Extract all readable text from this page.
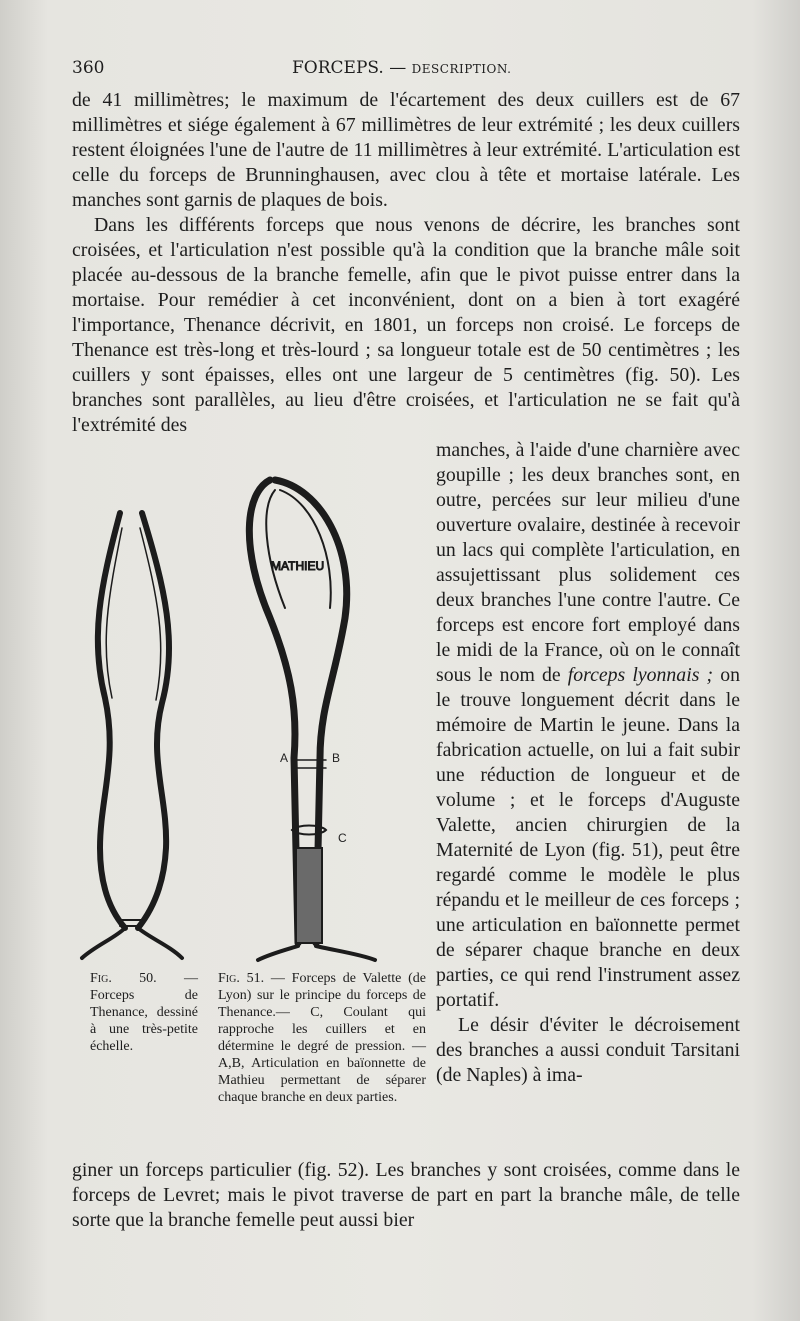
360	FORCEPS. — DESCRIPTION.

de 41 millimètres; le maximum de l'écartement des deux cuillers est de 67 millimètres et siége également à 67 millimètres de leur extrémité ; les deux cuillers restent éloignées l'une de l'autre de 11 millimètres à leur extrémité. L'articulation est celle du forceps de Brunninghausen, avec clou à tête et mortaise latérale. Les manches sont garnis de plaques de bois.

Dans les différents forceps que nous venons de décrire, les branches sont croisées, et l'articulation n'est possible qu'à la condition que la branche mâle soit placée au-dessous de la branche femelle, afin que le pivot puisse entrer dans la mortaise. Pour remédier à cet inconvénient, dont on a bien à tort exagéré l'importance, Thenance décrivit, en 1801, un forceps non croisé. Le forceps de Thenance est très-long et très-lourd ; sa longueur totale est de 50 centimètres ; les cuillers y sont épaisses, elles ont une largeur de 5 centimètres (fig. 50). Les branches sont parallèles, au lieu d'être croisées, et l'articulation ne se fait qu'à l'extrémité des

MATHIEU
A	B
C

manches, à l'aide d'une charnière avec goupille ; les deux branches sont, en outre, percées sur leur milieu d'une ouverture ovalaire, destinée à recevoir un lacs qui complète l'articulation, en assujettissant plus solidement ces deux branches l'une contre l'autre. Ce forceps est encore fort employé dans le midi de la France, où on le connaît sous le nom de forceps lyonnais ; on le trouve longuement décrit dans le mémoire de Martin le jeune. Dans la fabrication actuelle, on lui a fait subir une réduction de longueur et de volume ; et le forceps d'Auguste Valette, ancien chirurgien de la Maternité de Lyon (fig. 51), peut être regardé comme le modèle le plus répandu et le meilleur de ces forceps ; une articulation en baïonnette permet de séparer chaque branche en deux parties, ce qui rend l'instrument assez portatif.

Le désir d'éviter le décroisement des branches a aussi conduit Tarsitani (de Naples) à ima-

Fig. 50. — Forceps de Thenance, dessiné à une très-petite échelle.
Fig. 51. — Forceps de Valette (de Lyon) sur le principe du forceps de Thenance.— C, Coulant qui rapproche les cuillers et en détermine le degré de pression. — A,B, Articulation en baïonnette de Mathieu permettant de séparer chaque branche en deux parties.

giner un forceps particulier (fig. 52). Les branches y sont croisées, comme dans le forceps de Levret; mais le pivot traverse de part en part la branche mâle, de telle sorte que la branche femelle peut aussi bier
